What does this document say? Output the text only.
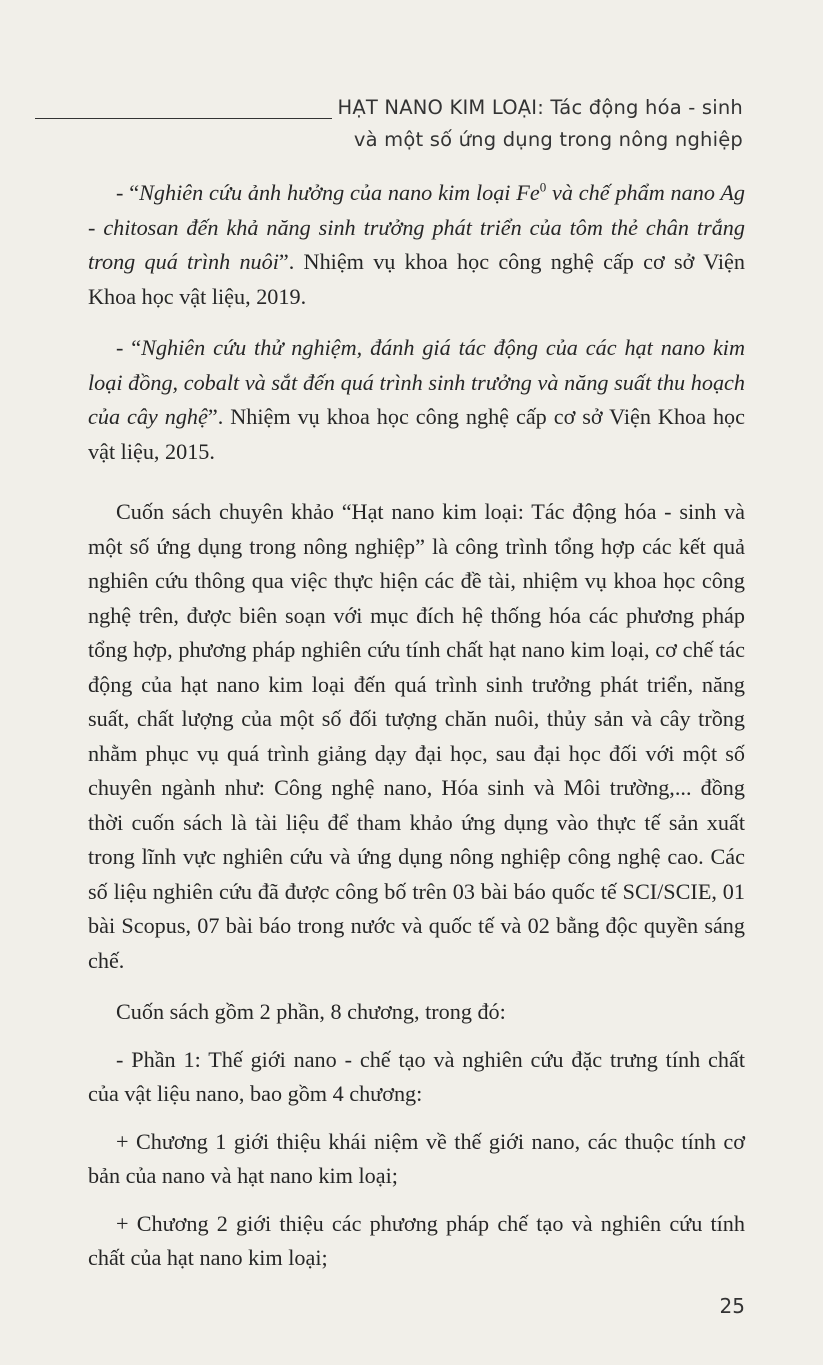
HẠT NANO KIM LOẠI: Tác động hóa - sinh
và một số ứng dụng trong nông nghiệp

- “Nghiên cứu ảnh hưởng của nano kim loại Fe$^0$ và chế phẩm nano Ag - chitosan đến khả năng sinh trưởng phát triển của tôm thẻ chân trắng trong quá trình nuôi”. Nhiệm vụ khoa học công nghệ cấp cơ sở Viện Khoa học vật liệu, 2019.

- “Nghiên cứu thử nghiệm, đánh giá tác động của các hạt nano kim loại đồng, cobalt và sắt đến quá trình sinh trưởng và năng suất thu hoạch của cây nghệ”. Nhiệm vụ khoa học công nghệ cấp cơ sở Viện Khoa học vật liệu, 2015.

Cuốn sách chuyên khảo “Hạt nano kim loại: Tác động hóa - sinh và một số ứng dụng trong nông nghiệp” là công trình tổng hợp các kết quả nghiên cứu thông qua việc thực hiện các đề tài, nhiệm vụ khoa học công nghệ trên, được biên soạn với mục đích hệ thống hóa các phương pháp tổng hợp, phương pháp nghiên cứu tính chất hạt nano kim loại, cơ chế tác động của hạt nano kim loại đến quá trình sinh trưởng phát triển, năng suất, chất lượng của một số đối tượng chăn nuôi, thủy sản và cây trồng nhằm phục vụ quá trình giảng dạy đại học, sau đại học đối với một số chuyên ngành như: Công nghệ nano, Hóa sinh và Môi trường,... đồng thời cuốn sách là tài liệu để tham khảo ứng dụng vào thực tế sản xuất trong lĩnh vực nghiên cứu và ứng dụng nông nghiệp công nghệ cao. Các số liệu nghiên cứu đã được công bố trên 03 bài báo quốc tế SCI/SCIE, 01 bài Scopus, 07 bài báo trong nước và quốc tế và 02 bằng độc quyền sáng chế.

Cuốn sách gồm 2 phần, 8 chương, trong đó:

- Phần 1: Thế giới nano - chế tạo và nghiên cứu đặc trưng tính chất của vật liệu nano, bao gồm 4 chương:

+ Chương 1 giới thiệu khái niệm về thế giới nano, các thuộc tính cơ bản của nano và hạt nano kim loại;

+ Chương 2 giới thiệu các phương pháp chế tạo và nghiên cứu tính chất của hạt nano kim loại;

25
